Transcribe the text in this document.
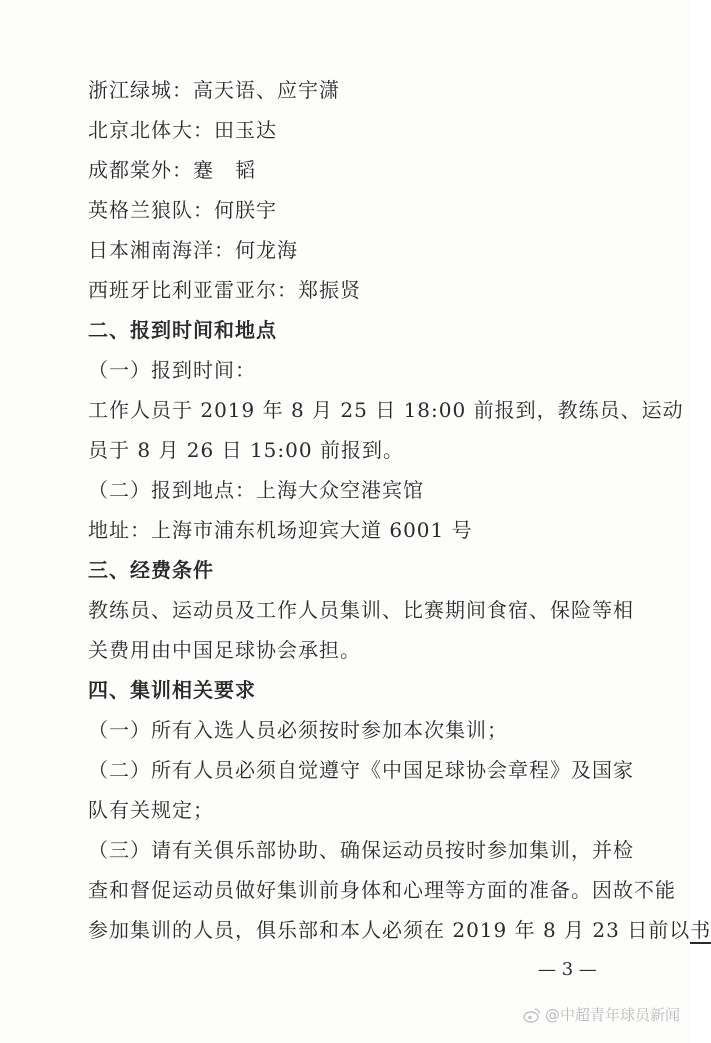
浙江绿城：高天语、应宇潇
北京北体大：田玉达
成都棠外：蹇　韬
英格兰狼队：何朕宇
日本湘南海洋：何龙海
西班牙比利亚雷亚尔：郑振贤
二、报到时间和地点
（一）报到时间：
工作人员于 2019 年 8 月 25 日 18:00 前报到，教练员、运动
员于 8 月 26 日 15:00 前报到。
（二）报到地点：上海大众空港宾馆
地址：上海市浦东机场迎宾大道 6001 号
三、经费条件
教练员、运动员及工作人员集训、比赛期间食宿、保险等相
关费用由中国足球协会承担。
四、集训相关要求
（一）所有入选人员必须按时参加本次集训；
（二）所有人员必须自觉遵守《中国足球协会章程》及国家
队有关规定；
（三）请有关俱乐部协助、确保运动员按时参加集训，并检
查和督促运动员做好集训前身体和心理等方面的准备。因故不能
参加集训的人员，俱乐部和本人必须在 2019 年 8 月 23 日前以书
— 3 —
@中超青年球员新闻
